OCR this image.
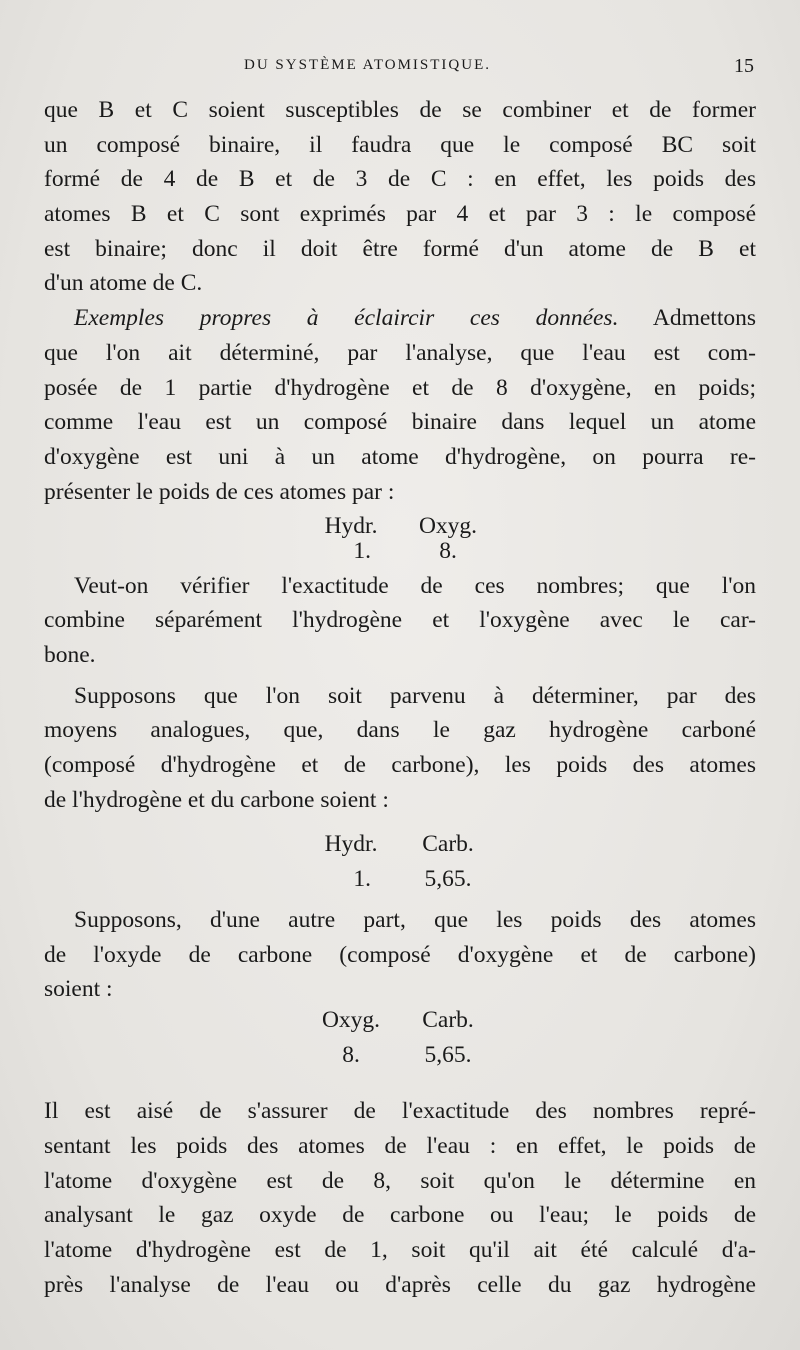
DU SYSTÈME ATOMISTIQUE.	15
que B et C soient susceptibles de se combiner et de former
un composé binaire, il faudra que le composé BC soit
formé de 4 de B et de 3 de C : en effet, les poids des
atomes B et C sont exprimés par 4 et par 3 : le composé
est binaire; donc il doit être formé d'un atome de B et
d'un atome de C.
Exemples propres à éclaircir ces données. Admettons
que l'on ait déterminé, par l'analyse, que l'eau est com-
posée de 1 partie d'hydrogène et de 8 d'oxygène, en poids;
comme l'eau est un composé binaire dans lequel un atome
d'oxygène est uni à un atome d'hydrogène, on pourra re-
présenter le poids de ces atomes par :
Hydr.	Oxyg.
1.	8.
Veut-on vérifier l'exactitude de ces nombres; que l'on
combine séparément l'hydrogène et l'oxygène avec le car-
bone.
Supposons que l'on soit parvenu à déterminer, par des
moyens analogues, que, dans le gaz hydrogène carboné
(composé d'hydrogène et de carbone), les poids des atomes
de l'hydrogène et du carbone soient :
Hydr.	Carb.
1.	5,65.
Supposons, d'une autre part, que les poids des atomes
de l'oxyde de carbone (composé d'oxygène et de carbone)
soient :
Oxyg.	Carb.
8.	5,65.
Il est aisé de s'assurer de l'exactitude des nombres repré-
sentant les poids des atomes de l'eau : en effet, le poids de
l'atome d'oxygène est de 8, soit qu'on le détermine en
analysant le gaz oxyde de carbone ou l'eau; le poids de
l'atome d'hydrogène est de 1, soit qu'il ait été calculé d'a-
près l'analyse de l'eau ou d'après celle du gaz hydrogène
